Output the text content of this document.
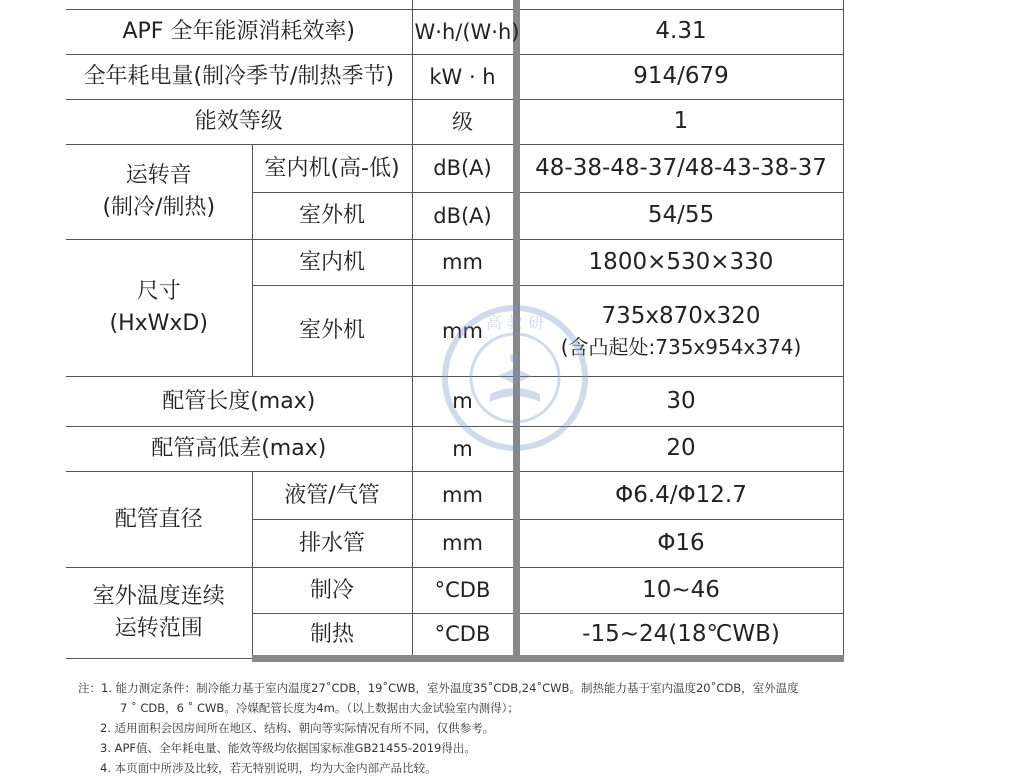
APF 全年能源消耗效率)		W·h/(W·h)	4.31
全年耗电量(制冷季节/制热季节)		kW · h	914/679
能效等级		级	1

运转音
(制冷/制热)	室内机(高-低)	dB(A)	48-38-48-37/48-43-38-37
	室外机	dB(A)	54/55

尺寸
(HxWxD)	室内机	mm	1800×530×330
	室外机	mm	735x870x320
(含凸起处:735x954x374)

配管长度(max)		m	30
配管高低差(max)		m	20
配管直径	液管/气管	mm	Φ6.4/Φ12.7
	排水管	mm	Φ16

室外温度连续
运转范围	制冷	°CDB	10~46
	制热	°CDB	-15~24(18℃WB)
高 教 研
注：1. 能力测定条件：制冷能力基于室内温度27˚CDB，19˚CWB，室外温度35˚CDB,24˚CWB。制热能力基于室内温度20˚CDB，室外温度
7 ˚ CDB，6 ˚ CWB。冷媒配管长度为4m。（以上数据由大金试验室内测得）；
2. 适用面积会因房间所在地区、结构、朝向等实际情况有所不同，仅供参考。
3. APF值、全年耗电量、能效等级均依据国家标准GB21455-2019得出。
4. 本页面中所涉及比较，若无特别说明，均为大金内部产品比较。
